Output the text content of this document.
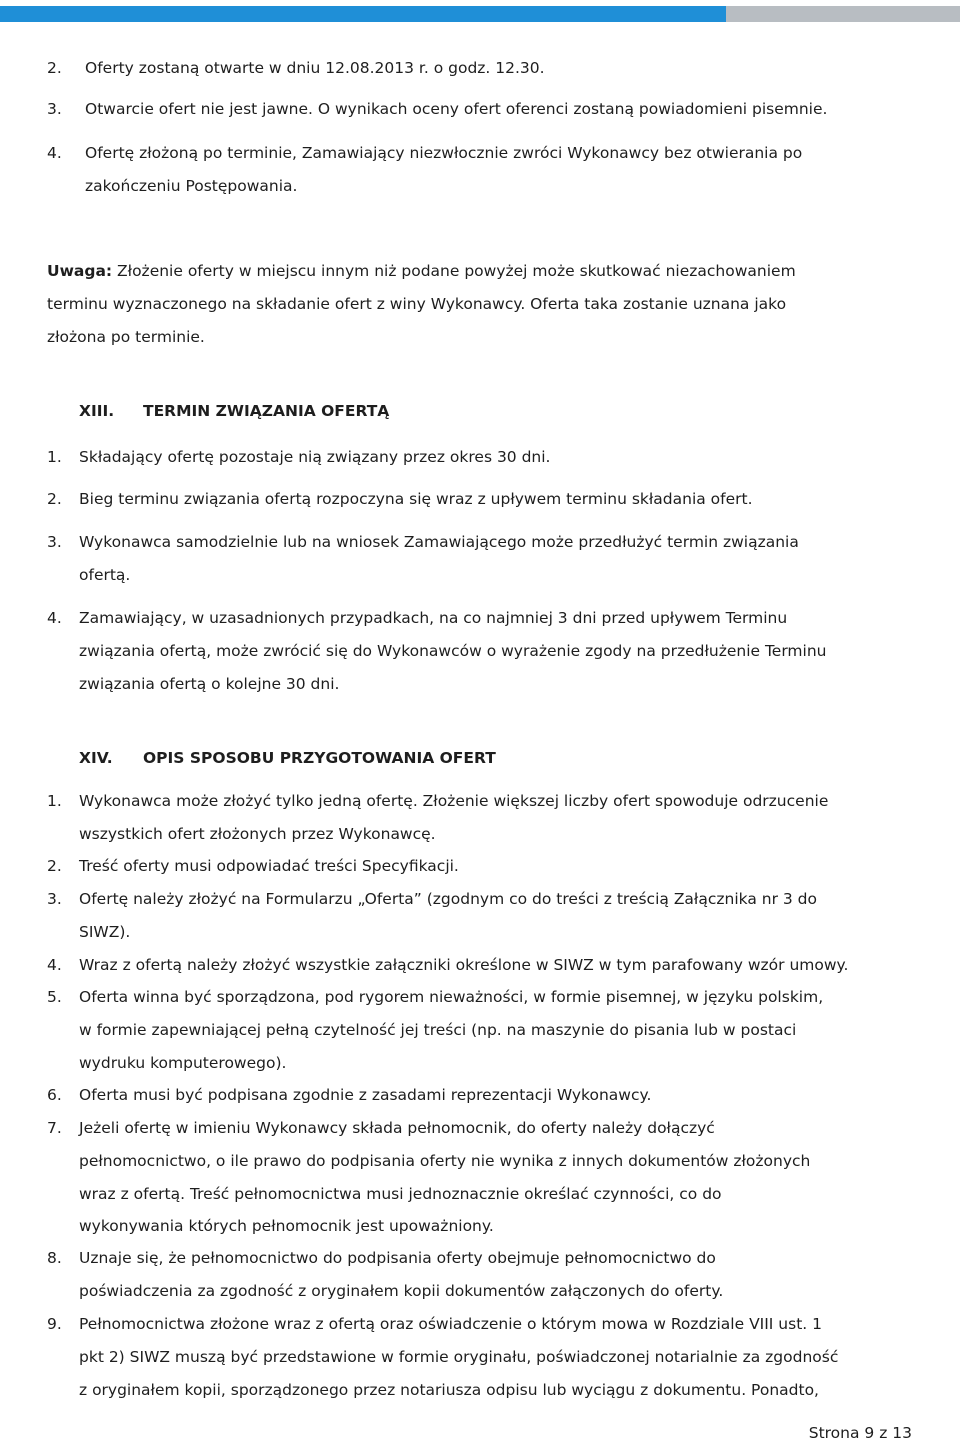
2. Oferty zostaną otwarte w dniu 12.08.2013 r. o godz. 12.30.
3. Otwarcie ofert nie jest jawne. O wynikach oceny ofert oferenci zostaną powiadomieni pisemnie.
4. Ofertę złożoną po terminie, Zamawiający niezwłocznie zwróci Wykonawcy bez otwierania po
zakończeniu Postępowania.
Uwaga: Złożenie oferty w miejscu innym niż podane powyżej może skutkować niezachowaniem
terminu wyznaczonego na składanie ofert z winy Wykonawcy. Oferta taka zostanie uznana jako
złożona po terminie.
XIII. TERMIN ZWIĄZANIA OFERTĄ
1. Składający ofertę pozostaje nią związany przez okres 30 dni.
2. Bieg terminu związania ofertą rozpoczyna się wraz z upływem terminu składania ofert.
3. Wykonawca samodzielnie lub na wniosek Zamawiającego może przedłużyć termin związania
ofertą.
4. Zamawiający, w uzasadnionych przypadkach, na co najmniej 3 dni przed upływem Terminu
związania ofertą, może zwrócić się do Wykonawców o wyrażenie zgody na przedłużenie Terminu
związania ofertą o kolejne 30 dni.
XIV. OPIS SPOSOBU PRZYGOTOWANIA OFERT
1. Wykonawca może złożyć tylko jedną ofertę. Złożenie większej liczby ofert spowoduje odrzucenie
wszystkich ofert złożonych przez Wykonawcę.
2. Treść oferty musi odpowiadać treści Specyfikacji.
3. Ofertę należy złożyć na Formularzu „Oferta” (zgodnym co do treści z treścią Załącznika nr 3 do
SIWZ).
4. Wraz z ofertą należy złożyć wszystkie załączniki określone w SIWZ w tym parafowany wzór umowy.
5. Oferta winna być sporządzona, pod rygorem nieważności, w formie pisemnej, w języku polskim,
w formie zapewniającej pełną czytelność jej treści (np. na maszynie do pisania lub w postaci
wydruku komputerowego).
6. Oferta musi być podpisana zgodnie z zasadami reprezentacji Wykonawcy.
7. Jeżeli ofertę w imieniu Wykonawcy składa pełnomocnik, do oferty należy dołączyć
pełnomocnictwo, o ile prawo do podpisania oferty nie wynika z innych dokumentów złożonych
wraz z ofertą. Treść pełnomocnictwa musi jednoznacznie określać czynności, co do
wykonywania których pełnomocnik jest upoważniony.
8. Uznaje się, że pełnomocnictwo do podpisania oferty obejmuje pełnomocnictwo do
poświadczenia za zgodność z oryginałem kopii dokumentów załączonych do oferty.
9. Pełnomocnictwa złożone wraz z ofertą oraz oświadczenie o którym mowa w Rozdziale VIII ust. 1
pkt 2) SIWZ muszą być przedstawione w formie oryginału, poświadczonej notarialnie za zgodność
z oryginałem kopii, sporządzonego przez notariusza odpisu lub wyciągu z dokumentu. Ponadto,
Strona 9 z 13
